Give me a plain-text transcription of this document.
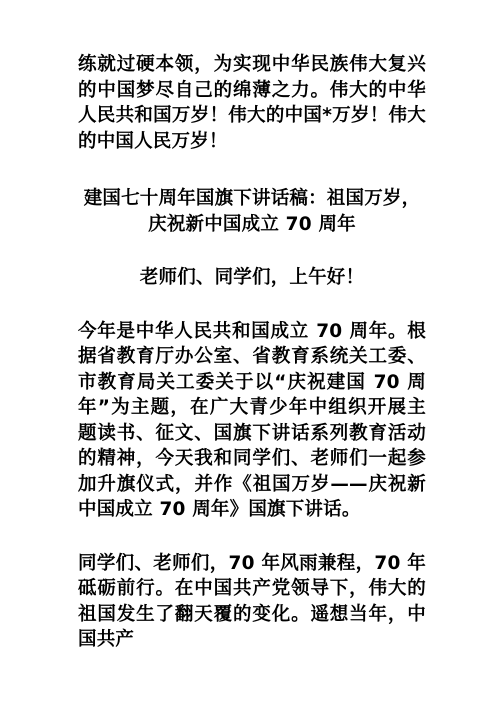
练就过硬本领，为实现中华民族伟大复兴的中国梦尽自己的绵薄之力。伟大的中华人民共和国万岁！伟大的中国*万岁！伟大的中国人民万岁！

建国七十周年国旗下讲话稿：祖国万岁，庆祝新中国成立 70 周年

老师们、同学们，上午好！

今年是中华人民共和国成立 70 周年。根据省教育厅办公室、省教育系统关工委、市教育局关工委关于以“庆祝建国 70 周年”为主题，在广大青少年中组织开展主题读书、征文、国旗下讲话系列教育活动的精神，今天我和同学们、老师们一起参加升旗仪式，并作《祖国万岁——庆祝新中国成立 70 周年》国旗下讲话。

同学们、老师们，70 年风雨兼程，70 年砥砺前行。在中国共产党领导下，伟大的祖国发生了翻天覆的变化。遥想当年，中国共产
